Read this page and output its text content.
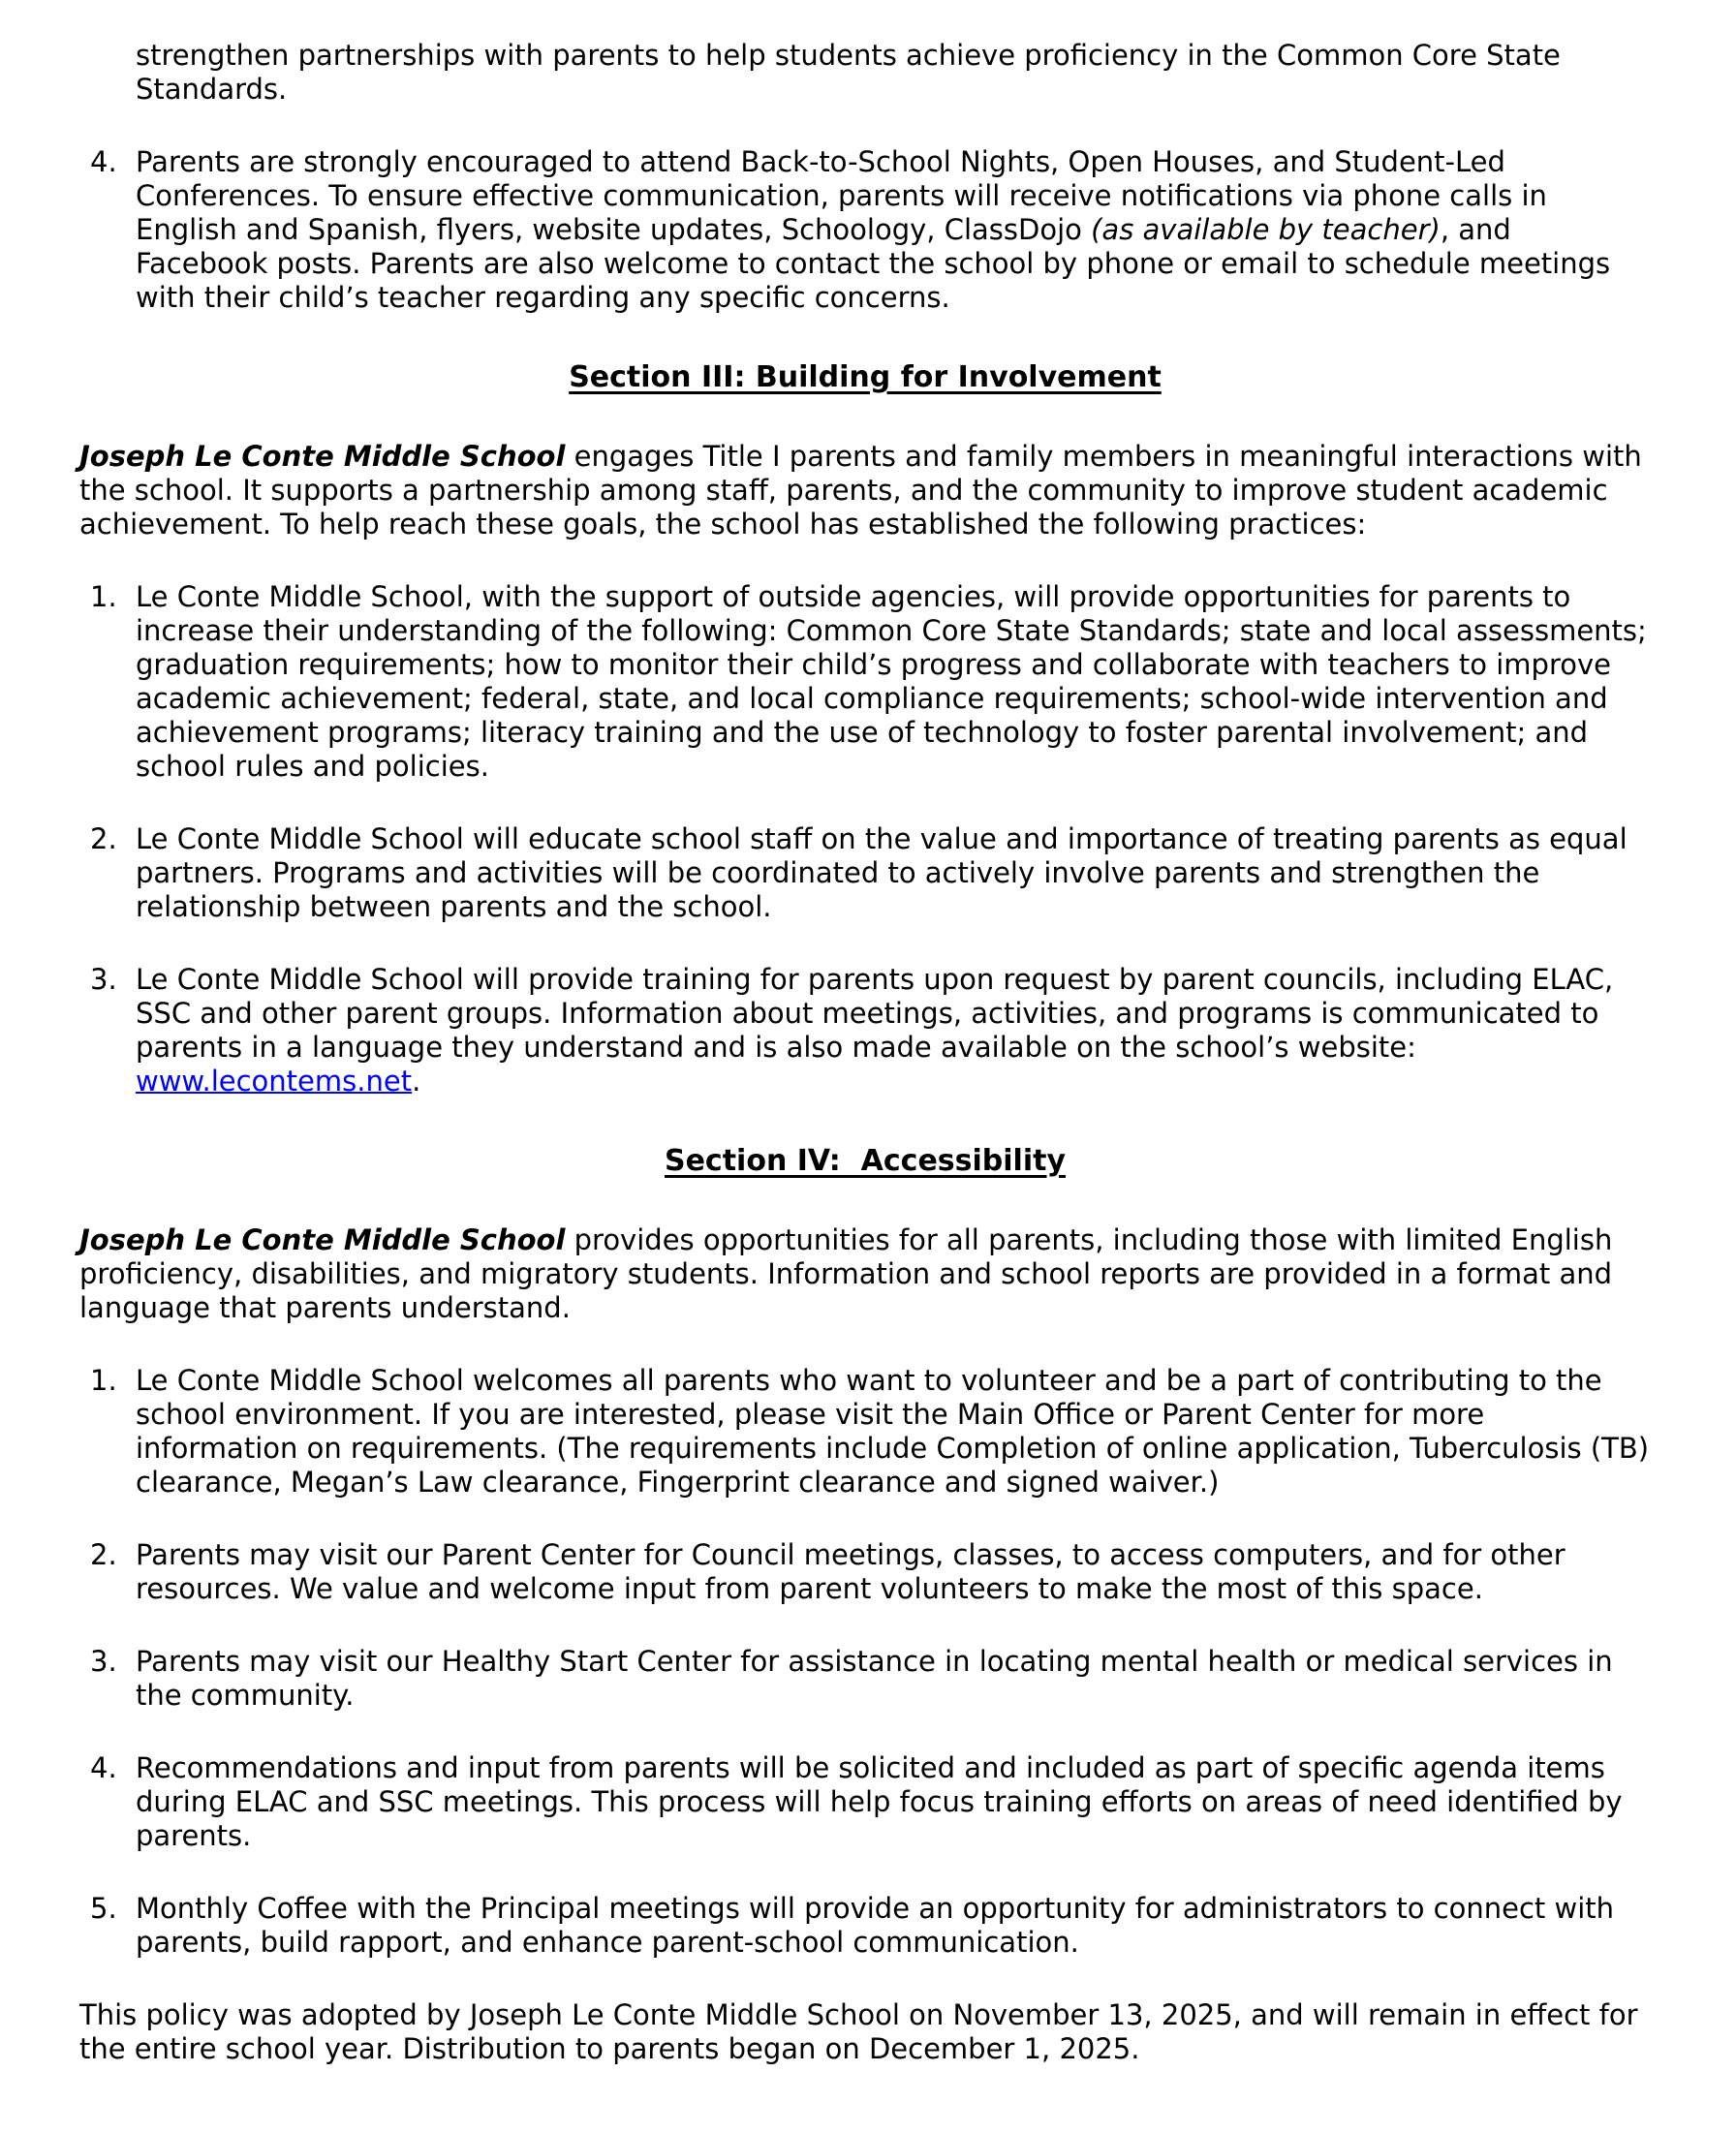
strengthen partnerships with parents to help students achieve proficiency in the Common Core State Standards.
4. Parents are strongly encouraged to attend Back-to-School Nights, Open Houses, and Student-Led Conferences. To ensure effective communication, parents will receive notifications via phone calls in English and Spanish, flyers, website updates, Schoology, ClassDojo (as available by teacher), and Facebook posts. Parents are also welcome to contact the school by phone or email to schedule meetings with their child’s teacher regarding any specific concerns.
Section III: Building for Involvement

Joseph Le Conte Middle School engages Title I parents and family members in meaningful interactions with the school. It supports a partnership among staff, parents, and the community to improve student academic achievement. To help reach these goals, the school has established the following practices:

1. Le Conte Middle School, with the support of outside agencies, will provide opportunities for parents to increase their understanding of the following: Common Core State Standards; state and local assessments; graduation requirements; how to monitor their child’s progress and collaborate with teachers to improve academic achievement; federal, state, and local compliance requirements; school-wide intervention and achievement programs; literacy training and the use of technology to foster parental involvement; and school rules and policies.
2. Le Conte Middle School will educate school staff on the value and importance of treating parents as equal partners. Programs and activities will be coordinated to actively involve parents and strengthen the relationship between parents and the school.
3. Le Conte Middle School will provide training for parents upon request by parent councils, including ELAC, SSC and other parent groups. Information about meetings, activities, and programs is communicated to parents in a language they understand and is also made available on the school’s website: www.lecontems.net.
Section IV:  Accessibility

Joseph Le Conte Middle School provides opportunities for all parents, including those with limited English proficiency, disabilities, and migratory students. Information and school reports are provided in a format and language that parents understand.

1. Le Conte Middle School welcomes all parents who want to volunteer and be a part of contributing to the school environment. If you are interested, please visit the Main Office or Parent Center for more information on requirements. (The requirements include Completion of online application, Tuberculosis (TB) clearance, Megan’s Law clearance, Fingerprint clearance and signed waiver.)
2. Parents may visit our Parent Center for Council meetings, classes, to access computers, and for other resources. We value and welcome input from parent volunteers to make the most of this space.
3. Parents may visit our Healthy Start Center for assistance in locating mental health or medical services in the community.
4. Recommendations and input from parents will be solicited and included as part of specific agenda items during ELAC and SSC meetings. This process will help focus training efforts on areas of need identified by parents.
5. Monthly Coffee with the Principal meetings will provide an opportunity for administrators to connect with parents, build rapport, and enhance parent-school communication.

This policy was adopted by Joseph Le Conte Middle School on November 13, 2025, and will remain in effect for the entire school year. Distribution to parents began on December 1, 2025.
